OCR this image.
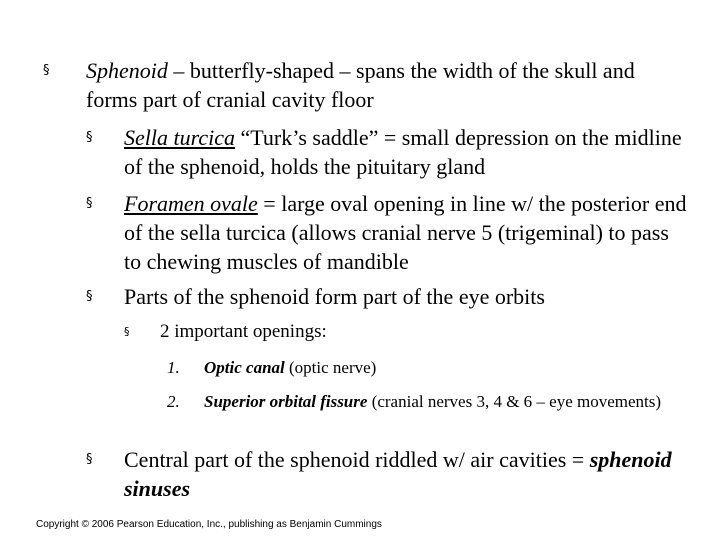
§ Sphenoid – butterfly-shaped – spans the width of the skull and forms part of cranial cavity floor
§ Sella turcica “Turk’s saddle” = small depression on the midline of the sphenoid, holds the pituitary gland
§ Foramen ovale = large oval opening in line w/ the posterior end of the sella turcica (allows cranial nerve 5 (trigeminal) to pass to chewing muscles of mandible
§ Parts of the sphenoid form part of the eye orbits
§ 2 important openings:
1. Optic canal (optic nerve)
2. Superior orbital fissure (cranial nerves 3, 4 & 6 – eye movements)
§ Central part of the sphenoid riddled w/ air cavities = sphenoid sinuses
Copyright © 2006 Pearson Education, Inc., publishing as Benjamin Cummings
